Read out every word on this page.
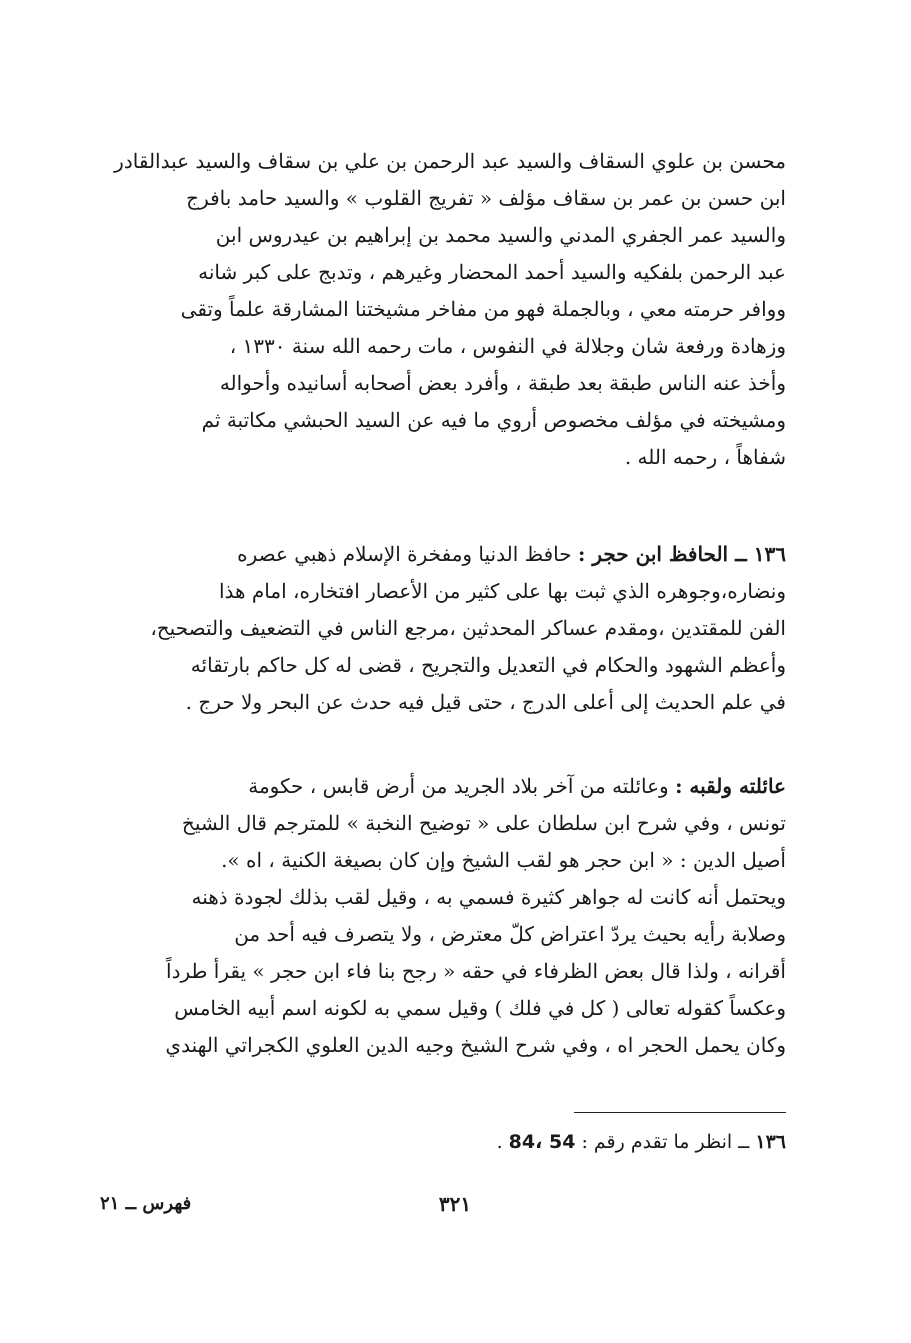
محسن بن علوي السقاف والسيد عبد الرحمن بن علي بن سقاف والسيد عبدالقادر
ابن حسن بن عمر بن سقاف مؤلف « تفريج القلوب » والسيد حامد بافرج
والسيد عمر الجفري المدني والسيد محمد بن إبراهيم بن عيدروس ابن
عبد الرحمن بلفكيه والسيد أحمد المحضار وغيرهم ، وتدبج على كبر شانه
ووافر حرمته معي ، وبالجملة فهو من مفاخر مشيختنا المشارقة علماً وتقى
وزهادة ورفعة شان وجلالة في النفوس ، مات رحمه الله سنة ١٣٣٠ ،
وأخذ عنه الناس طبقة بعد طبقة ، وأفرد بعض أصحابه أسانيده وأحواله
ومشيخته في مؤلف مخصوص أروي ما فيه عن السيد الحبشي مكاتبة ثم
شفاهاً ، رحمه الله .
١٣٦ ــ الحافظ ابن حجر : حافظ الدنيا ومفخرة الإسلام ذهبي عصره
ونضاره،وجوهره الذي ثبت بها على كثير من الأعصار افتخاره، امام هذا
الفن للمقتدين ،ومقدم عساكر المحدثين ،مرجع الناس في التضعيف والتصحيح،
وأعظم الشهود والحكام في التعديل والتجريح ، قضى له كل حاكم بارتقائه
في علم الحديث إلى أعلى الدرج ، حتى قيل فيه حدث عن البحر ولا حرج .
عائلته ولقبه : وعائلته من آخر بلاد الجريد من أرض قابس ، حكومة
تونس ، وفي شرح ابن سلطان على « توضيح النخبة » للمترجم قال الشيخ
أصيل الدين : « ابن حجر هو لقب الشيخ وإن كان بصيغة الكنية ، اه ».
ويحتمل أنه كانت له جواهر كثيرة فسمي به ، وقيل لقب بذلك لجودة ذهنه
وصلابة رأيه بحيث يردّ اعتراض كلّ معترض ، ولا يتصرف فيه أحد من
أقرانه ، ولذا قال بعض الظرفاء في حقه « رجح بنا فاء ابن حجر » يقرأ طرداً
وعكساً كقوله تعالى ( كل في فلك ) وقيل سمي به لكونه اسم أبيه الخامس
وكان يحمل الحجر اه ، وفي شرح الشيخ وجيه الدين العلوي الكجراتي الهندي
١٣٦ ــ انظر ما تقدم رقم : 54 ،84 .
٣٢١
فهرس ــ ٢١
